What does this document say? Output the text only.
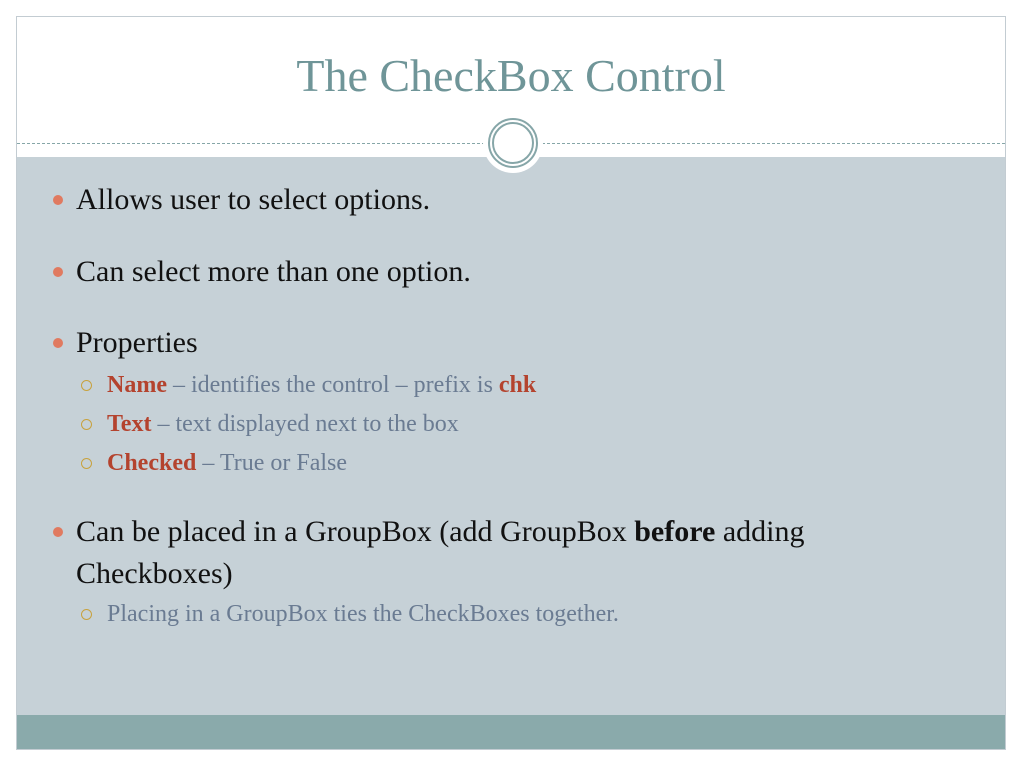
The CheckBox Control
Allows user to select options.
Can select more than one option.
Properties
Name – identifies the control – prefix is chk
Text – text displayed next to the box
Checked – True or False
Can be placed in a GroupBox (add GroupBox before adding Checkboxes)
Placing in a GroupBox ties the CheckBoxes together.
